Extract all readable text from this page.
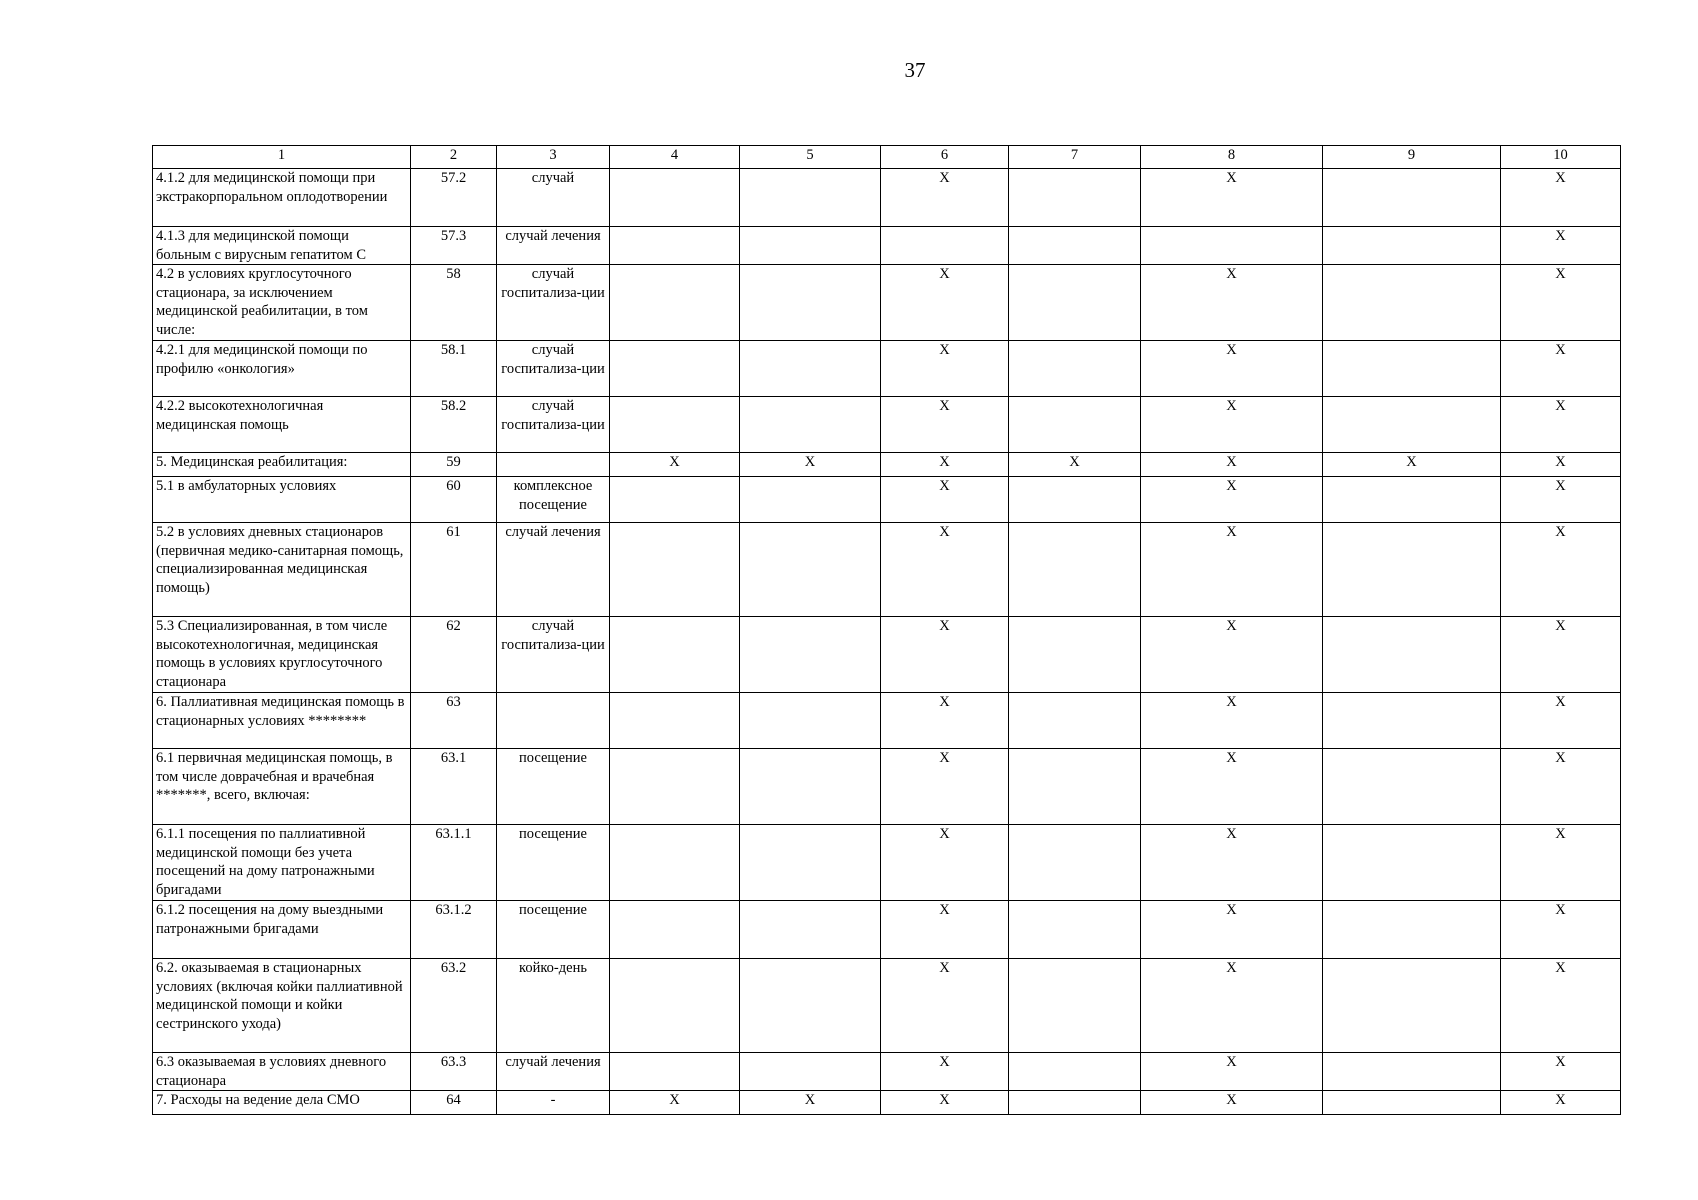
37
1	2	3	4	5	6	7	8	9	10
4.1.2 для медицинской помощи при экстракорпоральном оплодотворении	57.2	случай			X		X		X
4.1.3 для медицинской помощи больным с вирусным гепатитом С	57.3	случай лечения							X
4.2 в условиях круглосуточного стационара, за исключением медицинской реабилитации, в том числе:	58	случай госпитализа-ции			X		X		X
4.2.1 для медицинской помощи по профилю «онкология»	58.1	случай госпитализа-ции			X		X		X
4.2.2 высокотехнологичная медицинская помощь	58.2	случай госпитализа-ции			X		X		X
5. Медицинская реабилитация:	59		X	X	X	X	X	X	X
5.1 в амбулаторных условиях	60	комплексное посещение			X		X		X
5.2 в условиях дневных стационаров (первичная медико-санитарная помощь, специализированная медицинская помощь)	61	случай лечения			X		X		X
5.3 Специализированная, в том числе высокотехнологичная, медицинская помощь в условиях круглосуточного стационара	62	случай госпитализа-ции			X		X		X
6. Паллиативная медицинская помощь в стационарных условиях ********	63				X		X		X
6.1 первичная медицинская помощь, в том числе доврачебная и врачебная *******, всего, включая:	63.1	посещение			X		X		X
6.1.1 посещения по паллиативной медицинской помощи без учета посещений на дому патронажными бригадами	63.1.1	посещение			X		X		X
6.1.2 посещения на дому выездными патронажными бригадами	63.1.2	посещение			X		X		X
6.2. оказываемая в стационарных условиях (включая койки паллиативной медицинской помощи и койки сестринского ухода)	63.2	койко-день			X		X		X
6.3 оказываемая в условиях дневного стационара	63.3	случай лечения			X		X		X
7. Расходы на ведение дела СМО	64	-	X	X	X		X		X
